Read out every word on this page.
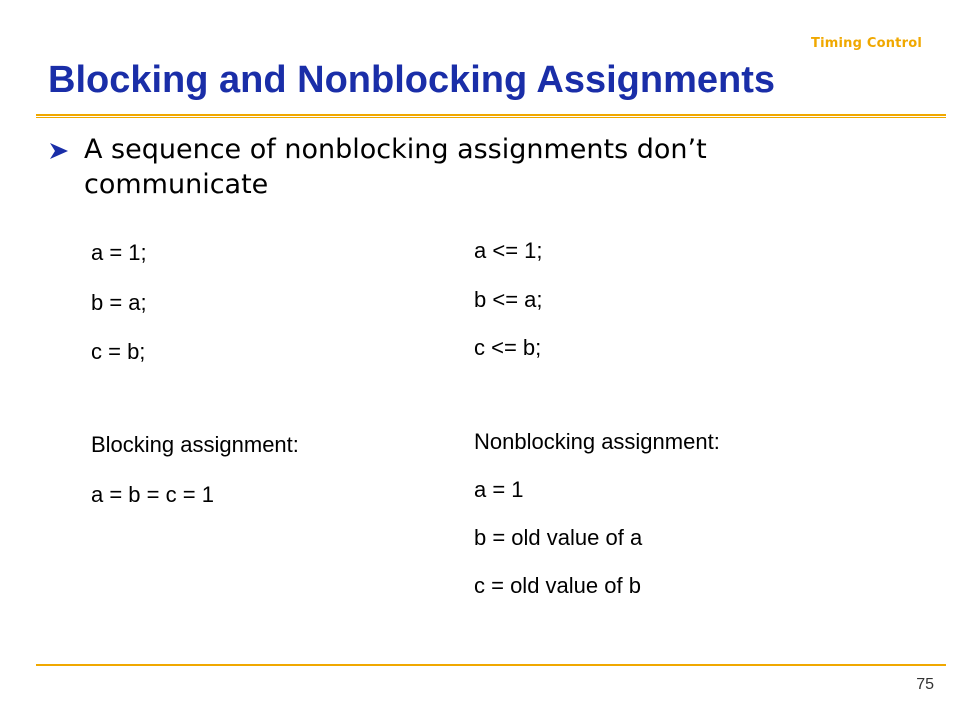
Timing Control
Blocking and Nonblocking Assignments
A sequence of nonblocking assignments don’t
communicate
a = 1;
b = a;
c = b;
Blocking assignment:
a = b = c = 1
a <= 1;
b <= a;
c <= b;
Nonblocking assignment:
a = 1
b = old value of a
c = old value of b
75
